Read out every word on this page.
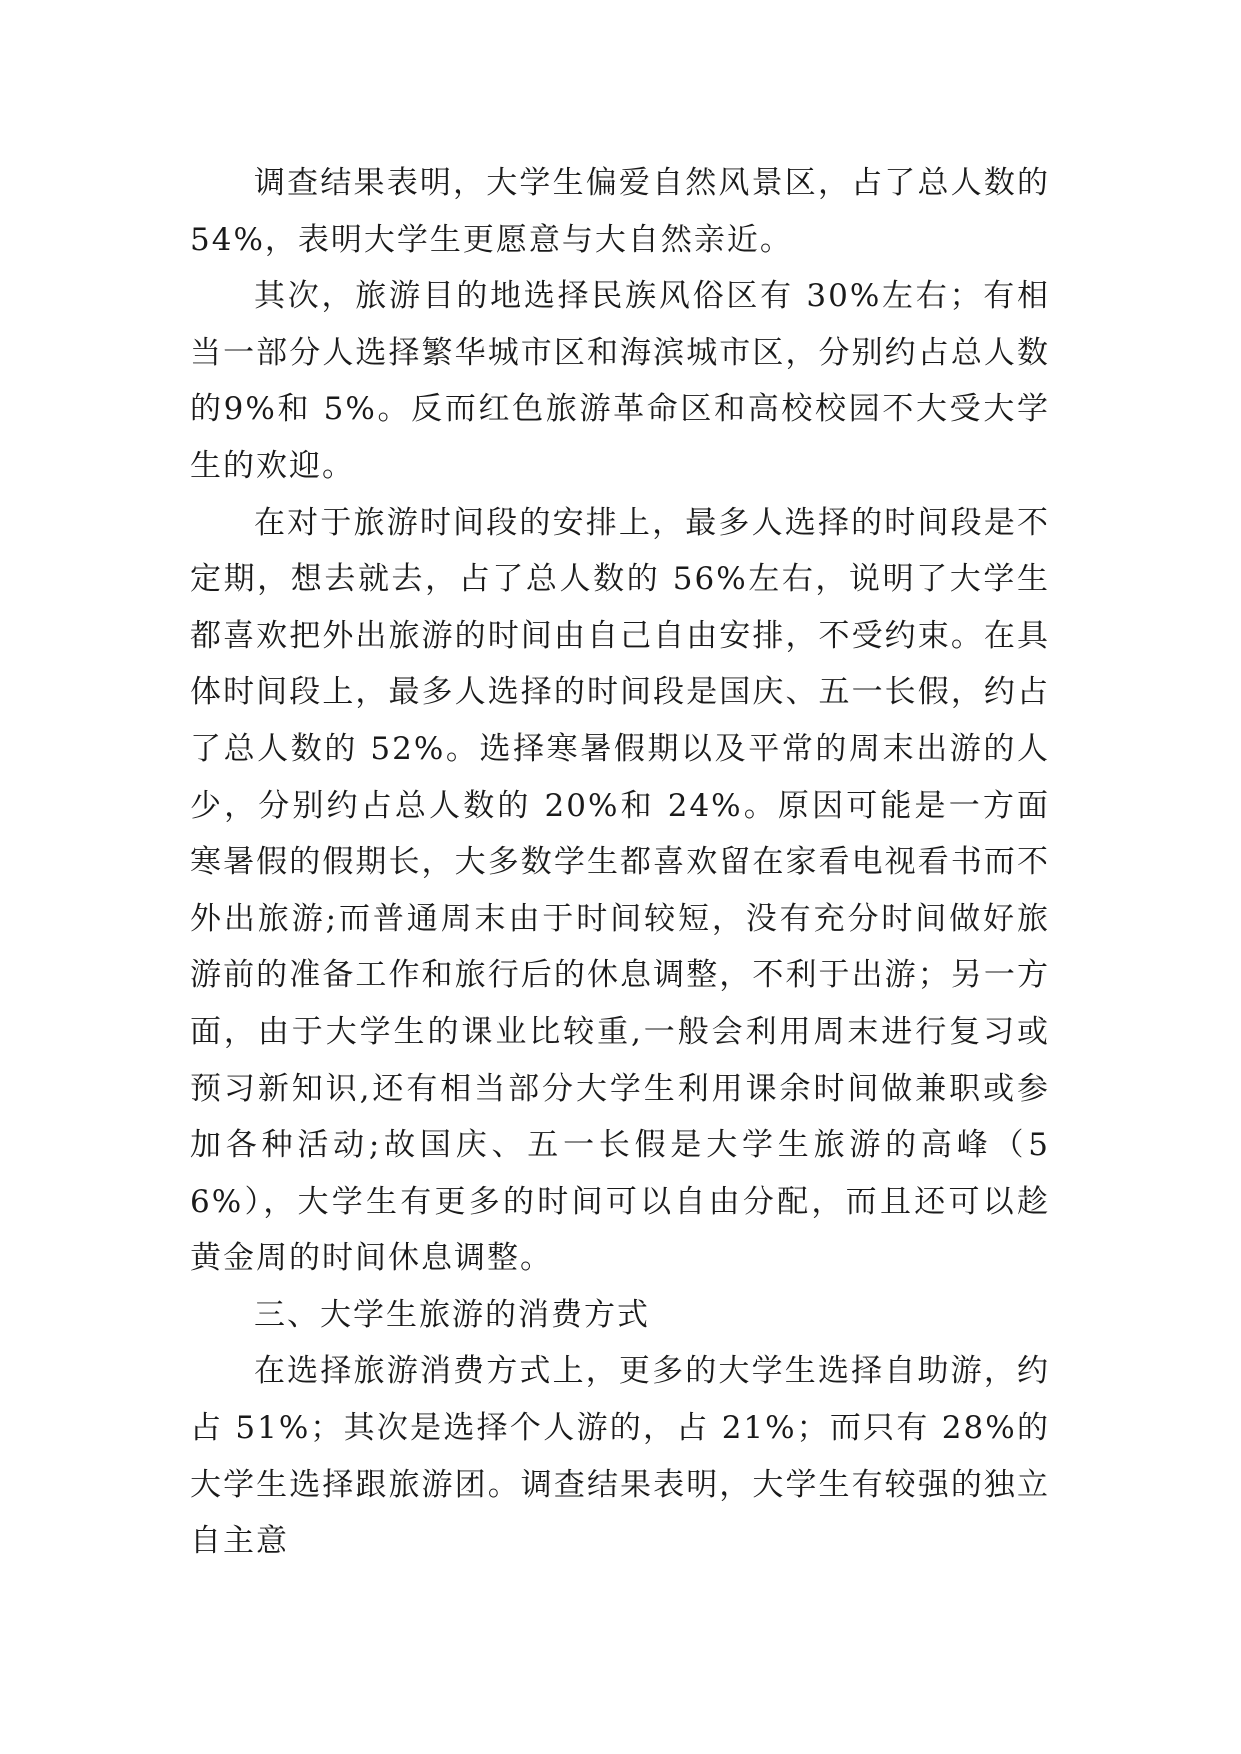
调查结果表明，大学生偏爱自然风景区，占了总人数的54%，表明大学生更愿意与大自然亲近。

其次，旅游目的地选择民族风俗区有 30%左右；有相当一部分人选择繁华城市区和海滨城市区，分别约占总人数的9%和 5%。反而红色旅游革命区和高校校园不大受大学生的欢迎。

在对于旅游时间段的安排上，最多人选择的时间段是不定期，想去就去，占了总人数的 56%左右，说明了大学生都喜欢把外出旅游的时间由自己自由安排，不受约束。在具体时间段上，最多人选择的时间段是国庆、五一长假，约占了总人数的 52%。选择寒暑假期以及平常的周末出游的人少，分别约占总人数的 20%和 24%。原因可能是一方面寒暑假的假期长，大多数学生都喜欢留在家看电视看书而不外出旅游;而普通周末由于时间较短，没有充分时间做好旅游前的准备工作和旅行后的休息调整，不利于出游；另一方面，由于大学生的课业比较重,一般会利用周末进行复习或预习新知识,还有相当部分大学生利用课余时间做兼职或参加各种活动;故国庆、五一长假是大学生旅游的高峰（56%），大学生有更多的时间可以自由分配，而且还可以趁黄金周的时间休息调整。

三、大学生旅游的消费方式

在选择旅游消费方式上，更多的大学生选择自助游，约占 51%；其次是选择个人游的，占 21%；而只有 28%的大学生选择跟旅游团。调查结果表明，大学生有较强的独立自主意
